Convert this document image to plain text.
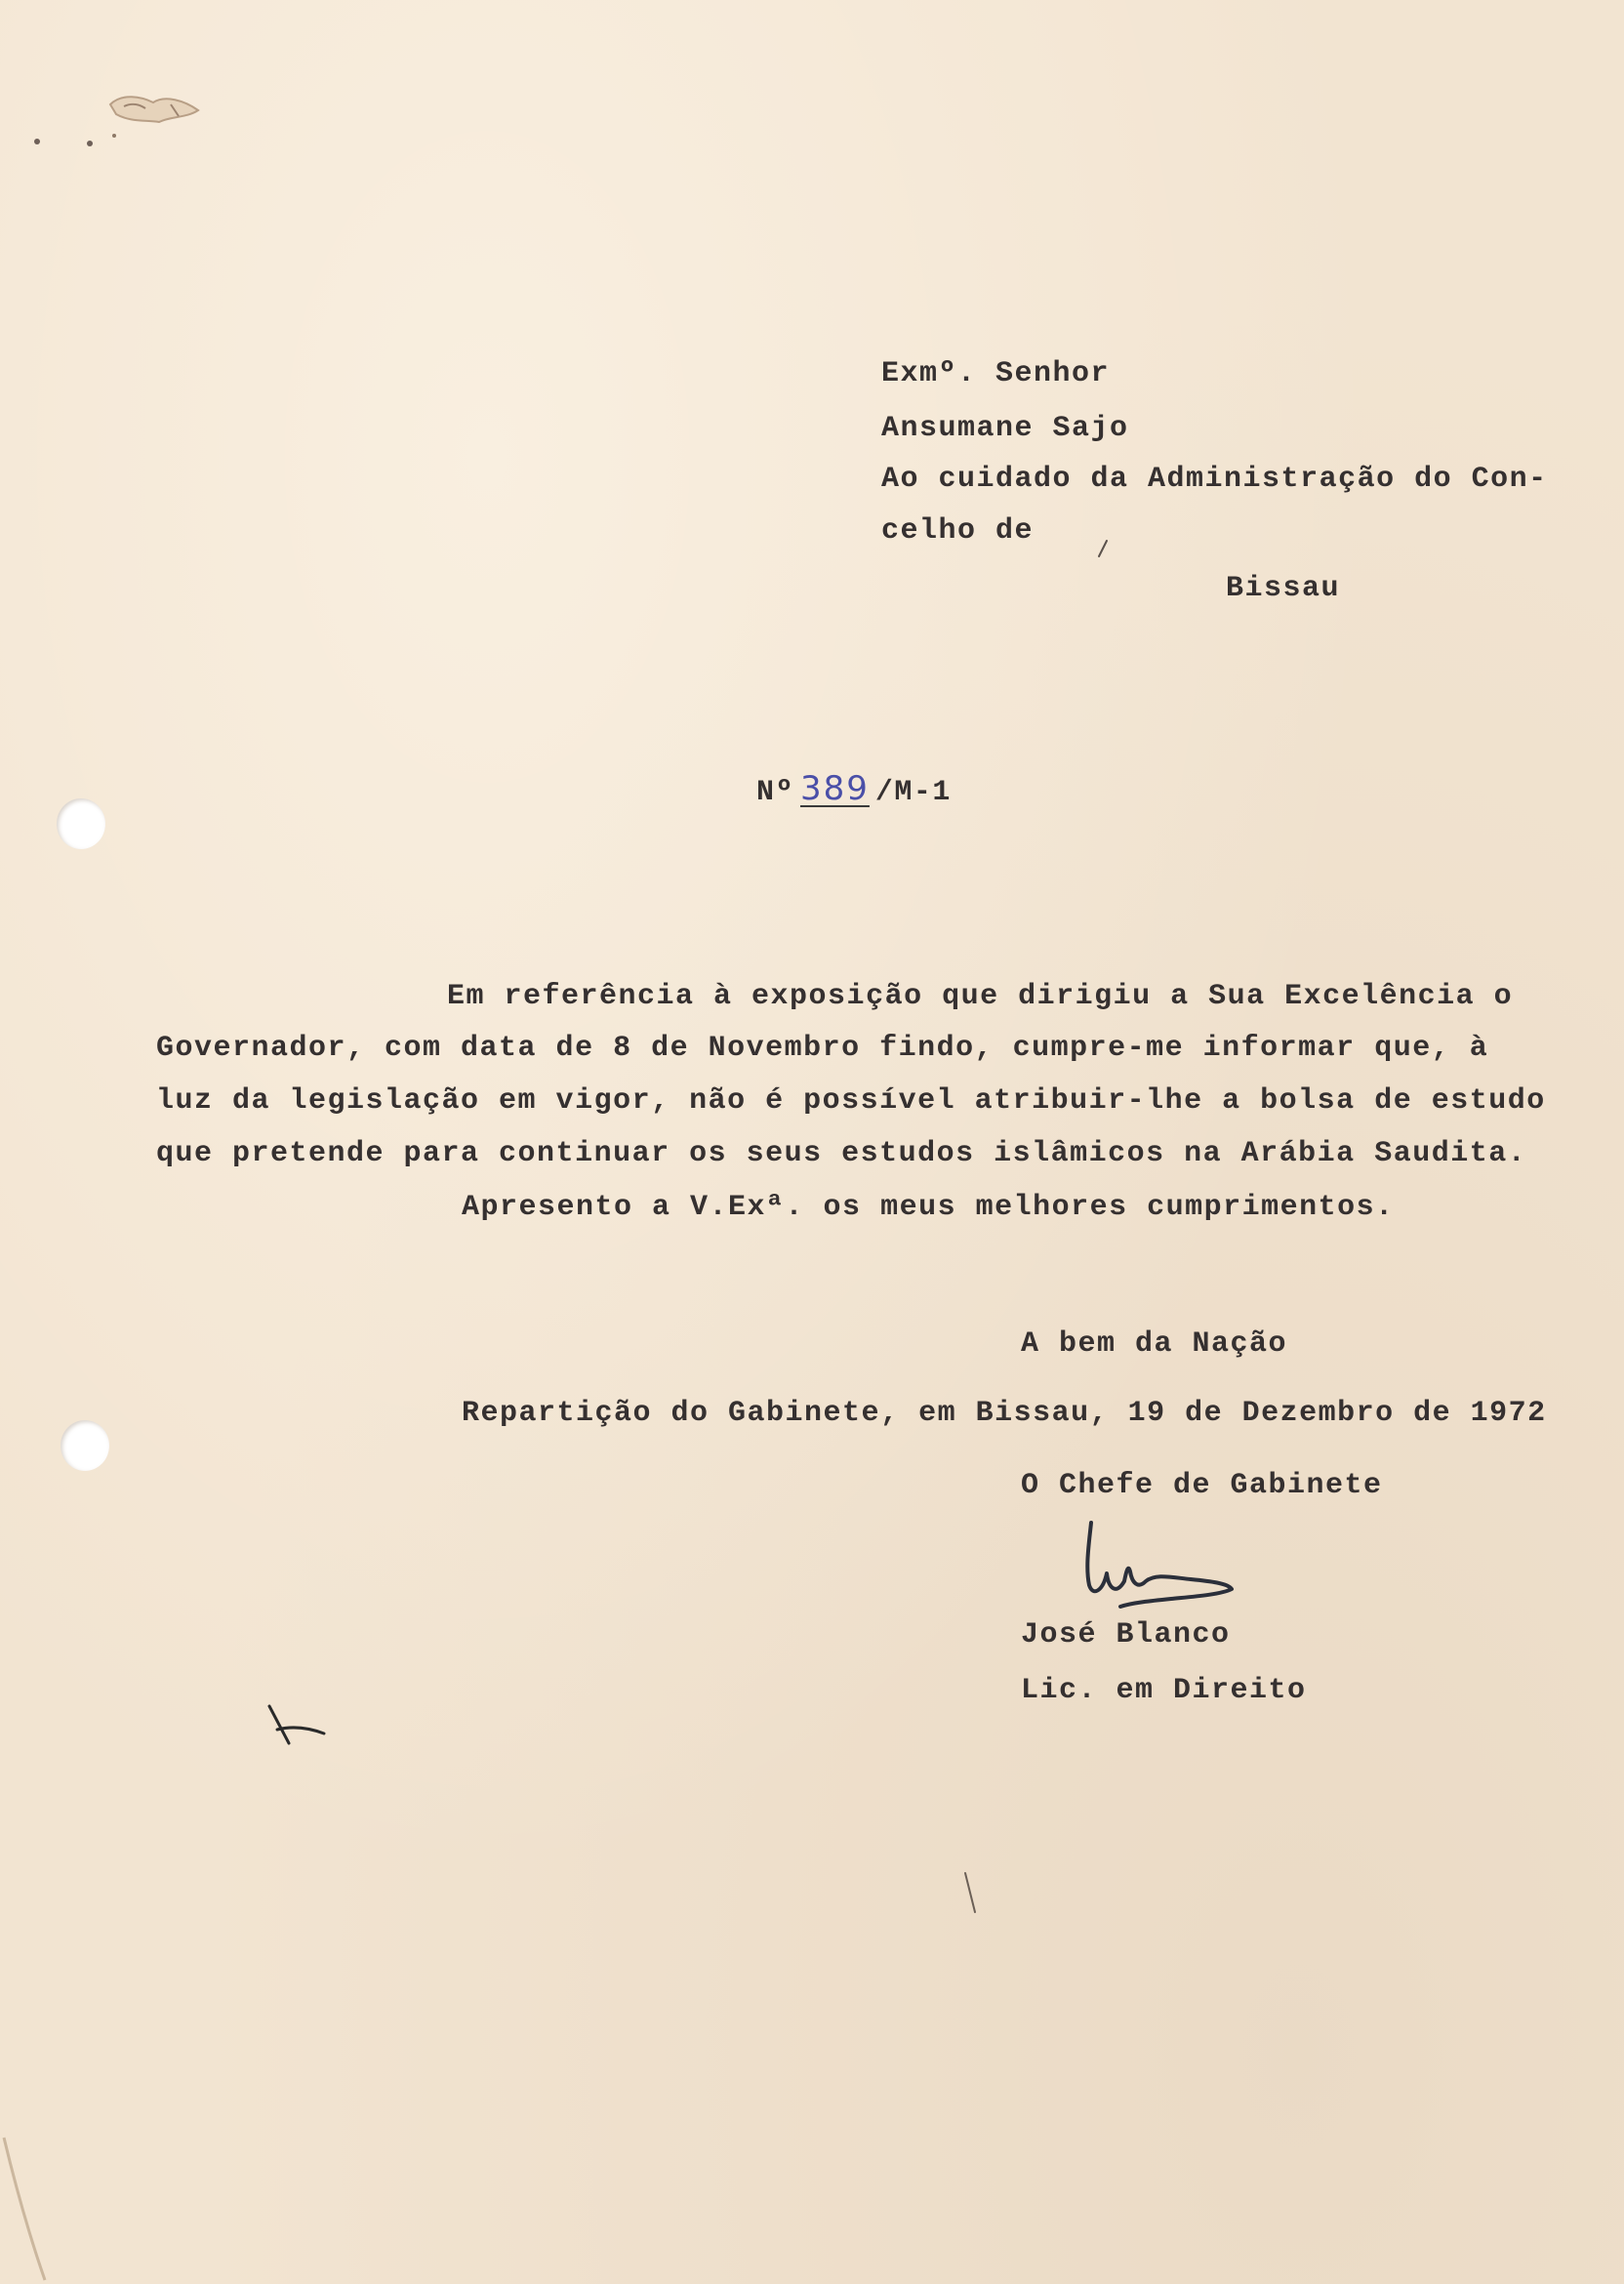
Exmº. Senhor
Ansumane Sajo
Ao cuidado da Administração do Con-
celho de
Bissau
Nº 389 /M-1
Em referência à exposição que dirigiu a Sua Excelência o
Governador, com data de 8 de Novembro findo, cumpre-me informar que, à
luz da legislação em vigor, não é possível atribuir-lhe a bolsa de estudo
que pretende para continuar os seus estudos islâmicos na Arábia Saudita.
Apresento a V.Exª. os meus melhores cumprimentos.
A bem da Nação
Repartição do Gabinete, em Bissau, 19 de Dezembro de 1972
O Chefe de Gabinete
José Blanco
Lic. em Direito
